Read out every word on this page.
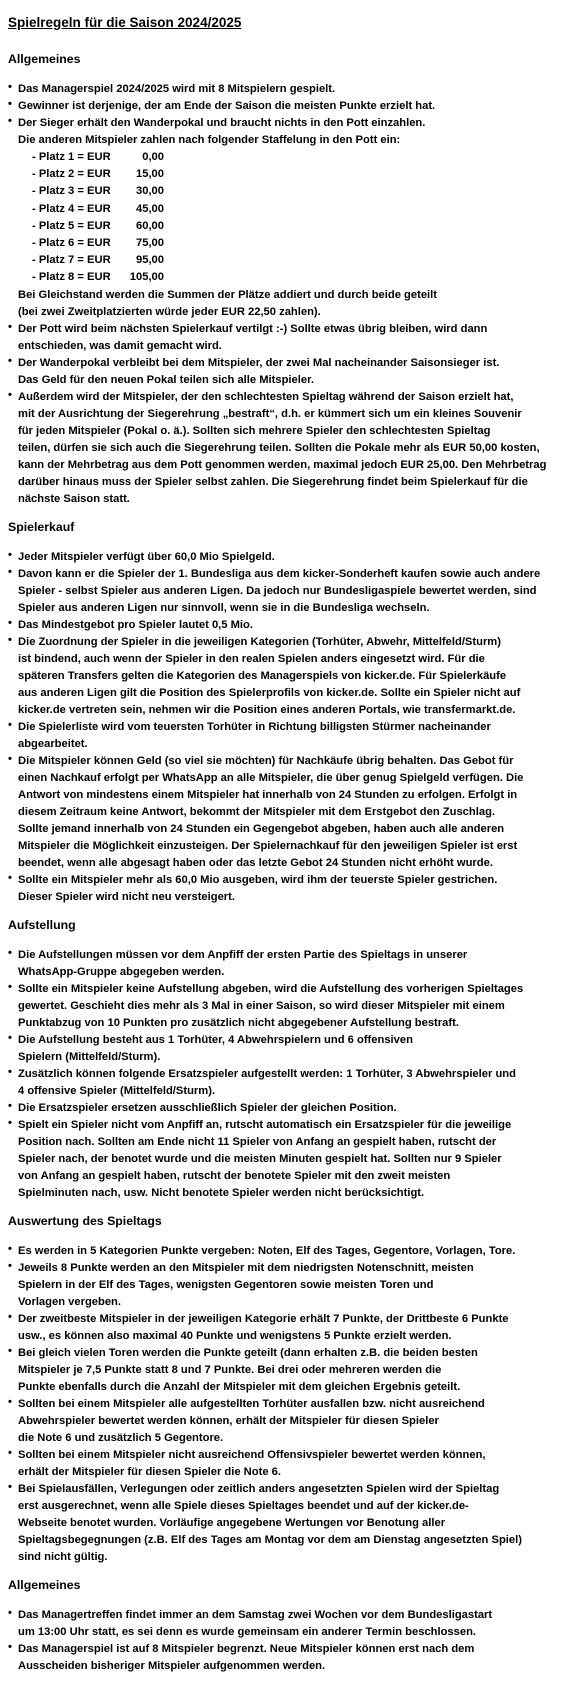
Spielregeln für die Saison 2024/2025
Allgemeines
• Das Managerspiel 2024/2025 wird mit 8 Mitspielern gespielt.
• Gewinner ist derjenige, der am Ende der Saison die meisten Punkte erzielt hat.
• Der Sieger erhält den Wanderpokal und braucht nichts in den Pott einzahlen.
Die anderen Mitspieler zahlen nach folgender Staffelung in den Pott ein:
- Platz 1 = EUR	0,00
- Platz 2 = EUR	15,00
- Platz 3 = EUR	30,00
- Platz 4 = EUR	45,00
- Platz 5 = EUR	60,00
- Platz 6 = EUR	75,00
- Platz 7 = EUR	95,00
- Platz 8 = EUR	105,00
Bei Gleichstand werden die Summen der Plätze addiert und durch beide geteilt
(bei zwei Zweitplatzierten würde jeder EUR 22,50 zahlen).
• Der Pott wird beim nächsten Spielerkauf vertilgt :-) Sollte etwas übrig bleiben, wird dann
entschieden, was damit gemacht wird.
• Der Wanderpokal verbleibt bei dem Mitspieler, der zwei Mal nacheinander Saisonsieger ist.
Das Geld für den neuen Pokal teilen sich alle Mitspieler.
• Außerdem wird der Mitspieler, der den schlechtesten Spieltag während der Saison erzielt hat,
mit der Ausrichtung der Siegerehrung „bestraft“, d.h. er kümmert sich um ein kleines Souvenir
für jeden Mitspieler (Pokal o. ä.). Sollten sich mehrere Spieler den schlechtesten Spieltag
teilen, dürfen sie sich auch die Siegerehrung teilen. Sollten die Pokale mehr als EUR 50,00 kosten,
kann der Mehrbetrag aus dem Pott genommen werden, maximal jedoch EUR 25,00. Den Mehrbetrag
darüber hinaus muss der Spieler selbst zahlen. Die Siegerehrung findet beim Spielerkauf für die
nächste Saison statt.
Spielerkauf
• Jeder Mitspieler verfügt über 60,0 Mio Spielgeld.
• Davon kann er die Spieler der 1. Bundesliga aus dem kicker-Sonderheft kaufen sowie auch andere
Spieler - selbst Spieler aus anderen Ligen. Da jedoch nur Bundesligaspiele bewertet werden, sind
Spieler aus anderen Ligen nur sinnvoll, wenn sie in die Bundesliga wechseln.
• Das Mindestgebot pro Spieler lautet 0,5 Mio.
• Die Zuordnung der Spieler in die jeweiligen Kategorien (Torhüter, Abwehr, Mittelfeld/Sturm)
ist bindend, auch wenn der Spieler in den realen Spielen anders eingesetzt wird. Für die
späteren Transfers gelten die Kategorien des Managerspiels von kicker.de. Für Spielerkäufe
aus anderen Ligen gilt die Position des Spielerprofils von kicker.de. Sollte ein Spieler nicht auf
kicker.de vertreten sein, nehmen wir die Position eines anderen Portals, wie transfermarkt.de.
• Die Spielerliste wird vom teuersten Torhüter in Richtung billigsten Stürmer nacheinander
abgearbeitet.
• Die Mitspieler können Geld (so viel sie möchten) für Nachkäufe übrig behalten. Das Gebot für
einen Nachkauf erfolgt per WhatsApp an alle Mitspieler, die über genug Spielgeld verfügen. Die
Antwort von mindestens einem Mitspieler hat innerhalb von 24 Stunden zu erfolgen. Erfolgt in
diesem Zeitraum keine Antwort, bekommt der Mitspieler mit dem Erstgebot den Zuschlag.
Sollte jemand innerhalb von 24 Stunden ein Gegengebot abgeben, haben auch alle anderen
Mitspieler die Möglichkeit einzusteigen. Der Spielernachkauf für den jeweiligen Spieler ist erst
beendet, wenn alle abgesagt haben oder das letzte Gebot 24 Stunden nicht erhöht wurde.
• Sollte ein Mitspieler mehr als 60,0 Mio ausgeben, wird ihm der teuerste Spieler gestrichen.
Dieser Spieler wird nicht neu versteigert.
Aufstellung
• Die Aufstellungen müssen vor dem Anpfiff der ersten Partie des Spieltags in unserer
WhatsApp-Gruppe abgegeben werden.
• Sollte ein Mitspieler keine Aufstellung abgeben, wird die Aufstellung des vorherigen Spieltages
gewertet. Geschieht dies mehr als 3 Mal in einer Saison, so wird dieser Mitspieler mit einem
Punktabzug von 10 Punkten pro zusätzlich nicht abgegebener Aufstellung bestraft.
• Die Aufstellung besteht aus 1 Torhüter, 4 Abwehrspielern und 6 offensiven
Spielern (Mittelfeld/Sturm).
• Zusätzlich können folgende Ersatzspieler aufgestellt werden: 1 Torhüter, 3 Abwehrspieler und
4 offensive Spieler (Mittelfeld/Sturm).
• Die Ersatzspieler ersetzen ausschließlich Spieler der gleichen Position.
• Spielt ein Spieler nicht vom Anpfiff an, rutscht automatisch ein Ersatzspieler für die jeweilige
Position nach. Sollten am Ende nicht 11 Spieler von Anfang an gespielt haben, rutscht der
Spieler nach, der benotet wurde und die meisten Minuten gespielt hat. Sollten nur 9 Spieler
von Anfang an gespielt haben, rutscht der benotete Spieler mit den zweit meisten
Spielminuten nach, usw. Nicht benotete Spieler werden nicht berücksichtigt.
Auswertung des Spieltags
• Es werden in 5 Kategorien Punkte vergeben: Noten, Elf des Tages, Gegentore, Vorlagen, Tore.
• Jeweils 8 Punkte werden an den Mitspieler mit dem niedrigsten Notenschnitt, meisten
Spielern in der Elf des Tages, wenigsten Gegentoren sowie meisten Toren und
Vorlagen vergeben.
• Der zweitbeste Mitspieler in der jeweiligen Kategorie erhält 7 Punkte, der Drittbeste 6 Punkte
usw., es können also maximal 40 Punkte und wenigstens 5 Punkte erzielt werden.
• Bei gleich vielen Toren werden die Punkte geteilt (dann erhalten z.B. die beiden besten
Mitspieler je 7,5 Punkte statt 8 und 7 Punkte. Bei drei oder mehreren werden die
Punkte ebenfalls durch die Anzahl der Mitspieler mit dem gleichen Ergebnis geteilt.
• Sollten bei einem Mitspieler alle aufgestellten Torhüter ausfallen bzw. nicht ausreichend
Abwehrspieler bewertet werden können, erhält der Mitspieler für diesen Spieler
die Note 6 und zusätzlich 5 Gegentore.
• Sollten bei einem Mitspieler nicht ausreichend Offensivspieler bewertet werden können,
erhält der Mitspieler für diesen Spieler die Note 6.
• Bei Spielausfällen, Verlegungen oder zeitlich anders angesetzten Spielen wird der Spieltag
erst ausgerechnet, wenn alle Spiele dieses Spieltages beendet und auf der kicker.de-
Webseite benotet wurden. Vorläufige angegebene Wertungen vor Benotung aller
Spieltagsbegegnungen (z.B. Elf des Tages am Montag vor dem am Dienstag angesetzten Spiel)
sind nicht gültig.
Allgemeines
• Das Managertreffen findet immer an dem Samstag zwei Wochen vor dem Bundesligastart
um 13:00 Uhr statt, es sei denn es wurde gemeinsam ein anderer Termin beschlossen.
• Das Managerspiel ist auf 8 Mitspieler begrenzt. Neue Mitspieler können erst nach dem
Ausscheiden bisheriger Mitspieler aufgenommen werden.
